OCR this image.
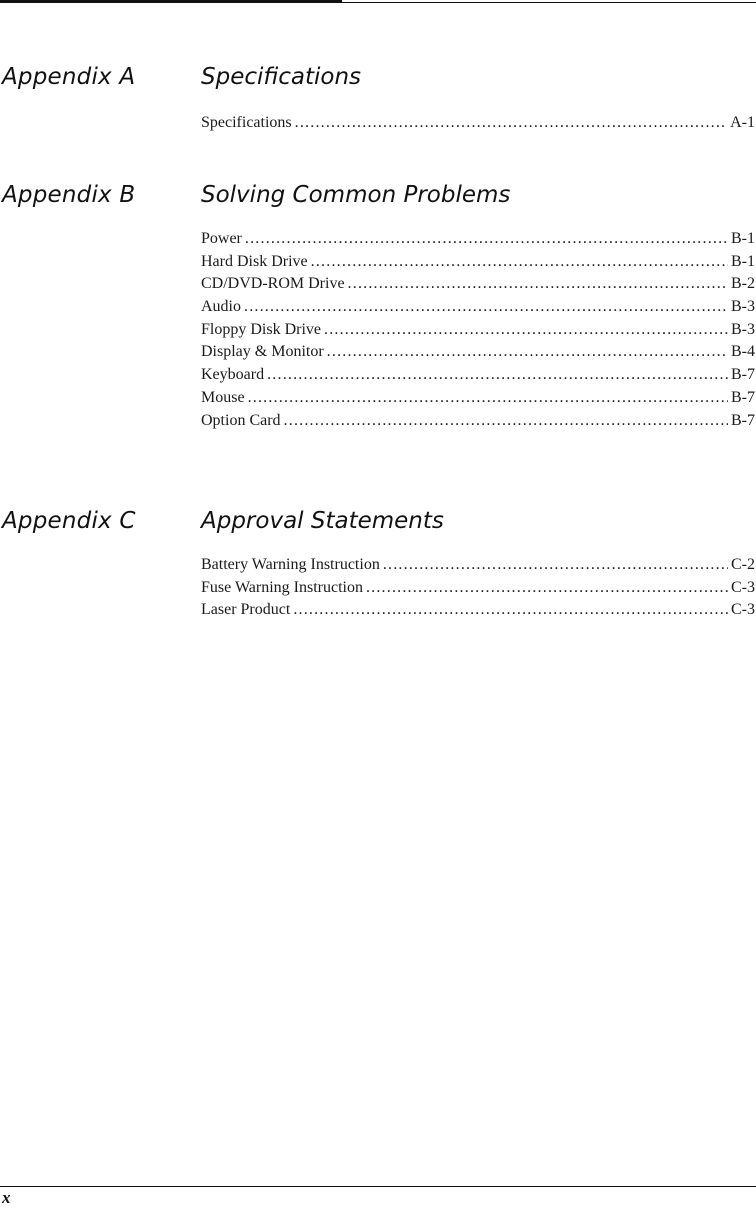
Appendix A	Specifications
Specifications .....	A-1
Appendix B	Solving Common Problems
Power .....	B-1
Hard Disk Drive .....	B-1
CD/DVD-ROM Drive .....	B-2
Audio .....	B-3
Floppy Disk Drive .....	B-3
Display & Monitor .....	B-4
Keyboard .....	B-7
Mouse .....	B-7
Option Card .....	B-7
Appendix C	Approval Statements
Battery Warning Instruction .....	C-2
Fuse Warning Instruction .....	C-3
Laser Product .....	C-3
x
